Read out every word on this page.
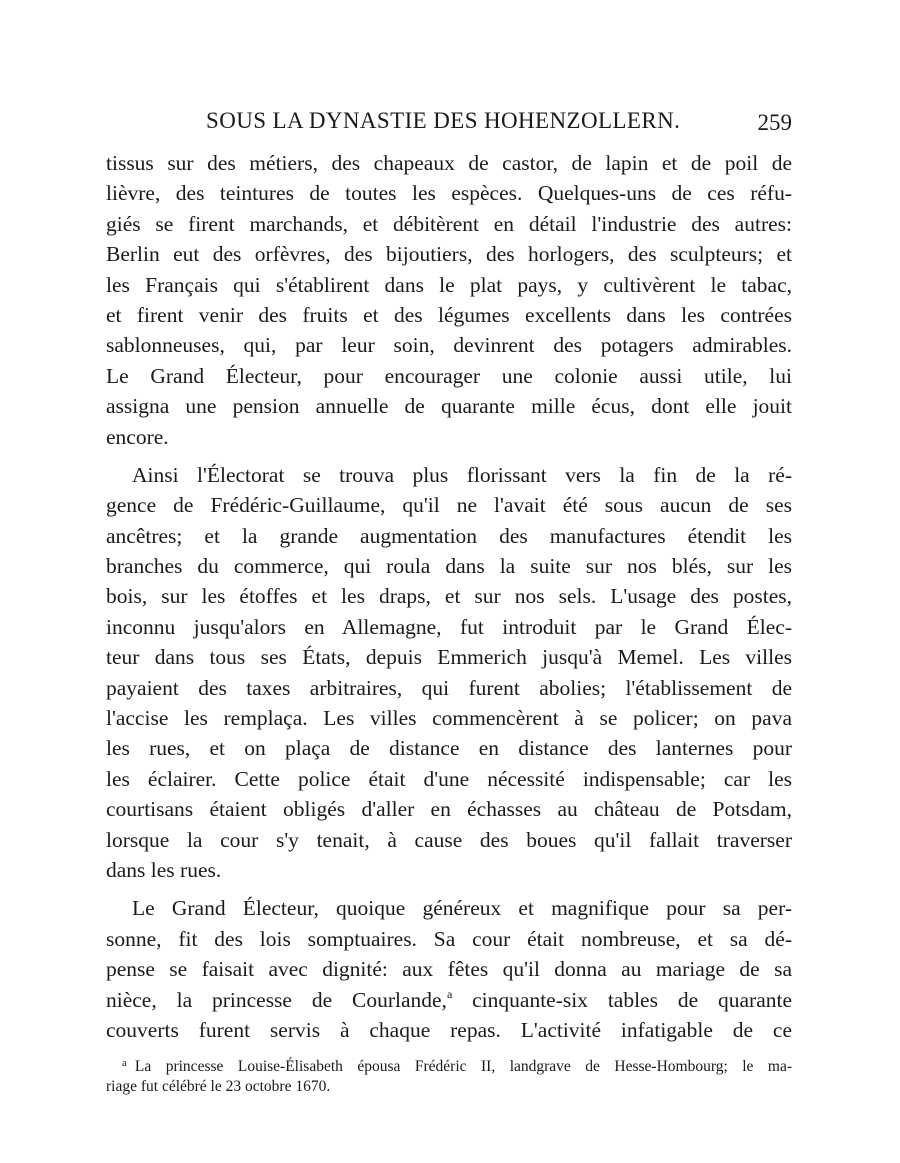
SOUS LA DYNASTIE DES HOHENZOLLERN.	259
tissus sur des métiers, des chapeaux de castor, de lapin et de poil de
lièvre, des teintures de toutes les espèces. Quelques-uns de ces réfu-
giés se firent marchands, et débitèrent en détail l'industrie des autres:
Berlin eut des orfèvres, des bijoutiers, des horlogers, des sculpteurs; et
les Français qui s'établirent dans le plat pays, y cultivèrent le tabac,
et firent venir des fruits et des légumes excellents dans les contrées
sablonneuses, qui, par leur soin, devinrent des potagers admirables.
Le Grand Électeur, pour encourager une colonie aussi utile, lui
assigna une pension annuelle de quarante mille écus, dont elle jouit
encore.
Ainsi l'Électorat se trouva plus florissant vers la fin de la ré-
gence de Frédéric-Guillaume, qu'il ne l'avait été sous aucun de ses
ancêtres; et la grande augmentation des manufactures étendit les
branches du commerce, qui roula dans la suite sur nos blés, sur les
bois, sur les étoffes et les draps, et sur nos sels. L'usage des postes,
inconnu jusqu'alors en Allemagne, fut introduit par le Grand Élec-
teur dans tous ses États, depuis Emmerich jusqu'à Memel. Les villes
payaient des taxes arbitraires, qui furent abolies; l'établissement de
l'accise les remplaça. Les villes commencèrent à se policer; on pava
les rues, et on plaça de distance en distance des lanternes pour
les éclairer. Cette police était d'une nécessité indispensable; car les
courtisans étaient obligés d'aller en échasses au château de Potsdam,
lorsque la cour s'y tenait, à cause des boues qu'il fallait traverser
dans les rues.
Le Grand Électeur, quoique généreux et magnifique pour sa per-
sonne, fit des lois somptuaires. Sa cour était nombreuse, et sa dé-
pense se faisait avec dignité: aux fêtes qu'il donna au mariage de sa
nièce, la princesse de Courlande,$^a$ cinquante-six tables de quarante
couverts furent servis à chaque repas. L'activité infatigable de ce
$^a$ La princesse Louise-Élisabeth épousa Frédéric II, landgrave de Hesse-Hombourg; le ma-
riage fut célébré le 23 octobre 1670.
